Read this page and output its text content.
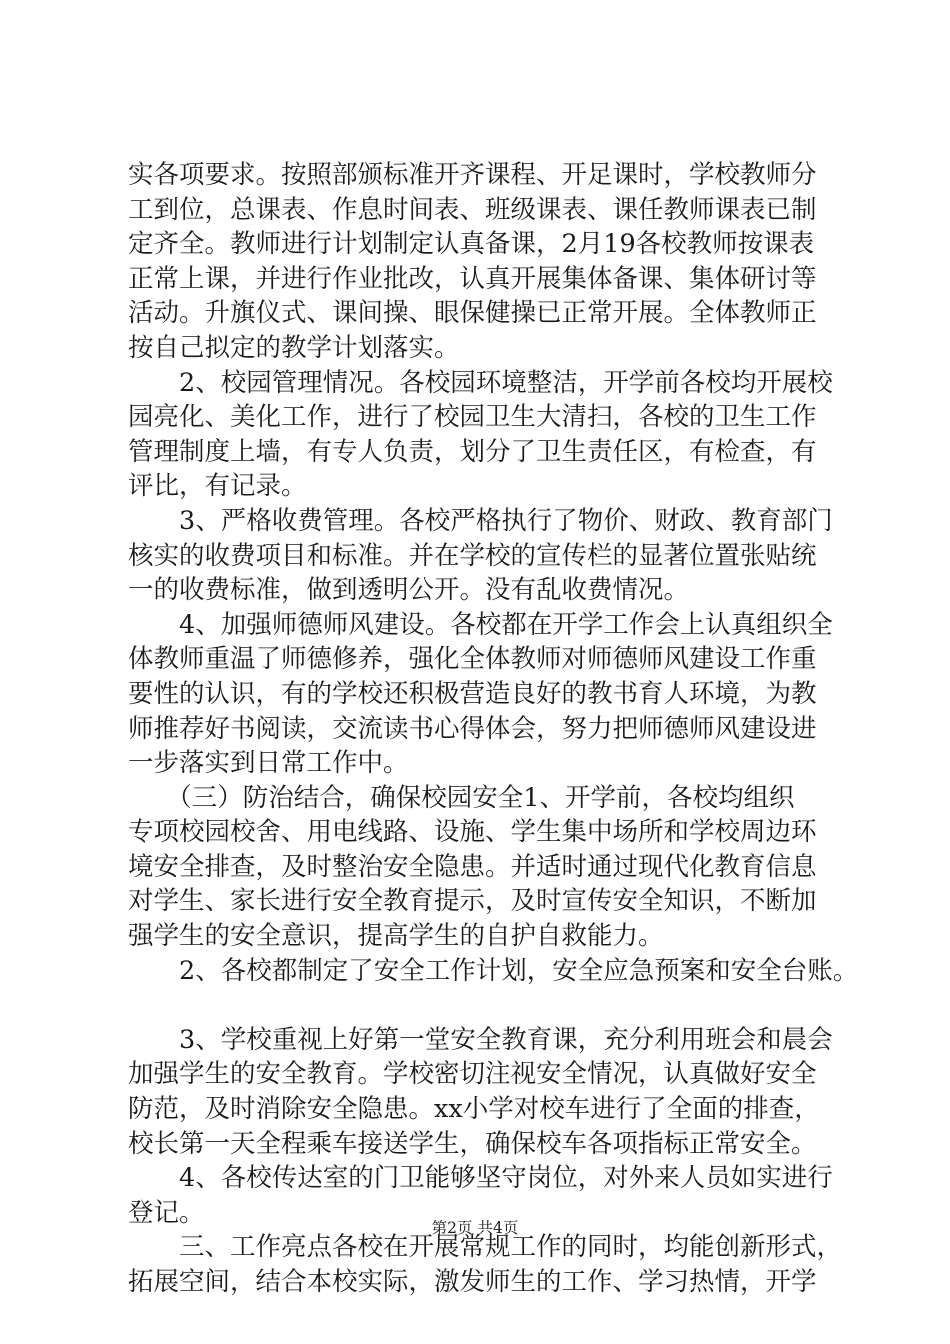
实各项要求。按照部颁标准开齐课程、开足课时，学校教师分
工到位，总课表、作息时间表、班级课表、课任教师课表已制
定齐全。教师进行计划制定认真备课，2月19各校教师按课表
正常上课，并进行作业批改，认真开展集体备课、集体研讨等
活动。升旗仪式、课间操、眼保健操已正常开展。全体教师正
按自己拟定的教学计划落实。
　　2、校园管理情况。各校园环境整洁，开学前各校均开展校
园亮化、美化工作，进行了校园卫生大清扫，各校的卫生工作
管理制度上墙，有专人负责，划分了卫生责任区，有检查，有
评比，有记录。
　　3、严格收费管理。各校严格执行了物价、财政、教育部门
核实的收费项目和标准。并在学校的宣传栏的显著位置张贴统
一的收费标准，做到透明公开。没有乱收费情况。
　　4、加强师德师风建设。各校都在开学工作会上认真组织全
体教师重温了师德修养，强化全体教师对师德师风建设工作重
要性的认识，有的学校还积极营造良好的教书育人环境，为教
师推荐好书阅读，交流读书心得体会，努力把师德师风建设进
一步落实到日常工作中。
　　（三）防治结合，确保校园安全1、开学前，各校均组织
专项校园校舍、用电线路、设施、学生集中场所和学校周边环
境安全排查，及时整治安全隐患。并适时通过现代化教育信息
对学生、家长进行安全教育提示，及时宣传安全知识，不断加
强学生的安全意识，提高学生的自护自救能力。
　　2、各校都制定了安全工作计划，安全应急预案和安全台账。
　　3、学校重视上好第一堂安全教育课，充分利用班会和晨会
加强学生的安全教育。学校密切注视安全情况，认真做好安全
防范，及时消除安全隐患。xx小学对校车进行了全面的排查，
校长第一天全程乘车接送学生，确保校车各项指标正常安全。
　　4、各校传达室的门卫能够坚守岗位，对外来人员如实进行
登记。
　　三、工作亮点各校在开展常规工作的同时，均能创新形式，
拓展空间，结合本校实际，激发师生的工作、学习热情，开学
第2页 共4页
